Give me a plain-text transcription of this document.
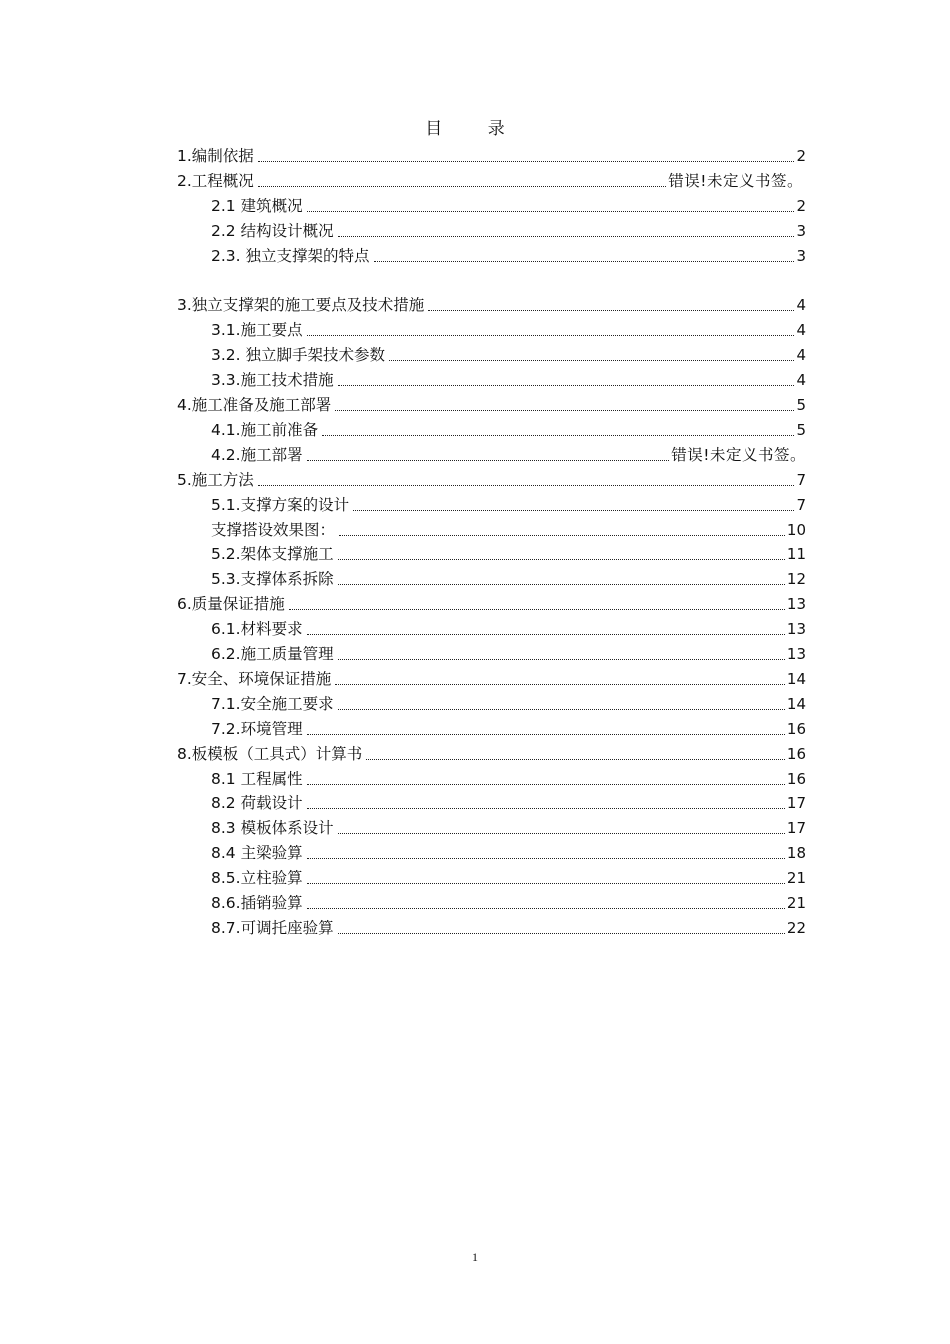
目 录
1.编制依据	2
2.工程概况	错误!未定义书签。
2.1 建筑概况	2
2.2 结构设计概况	3
2.3. 独立支撑架的特点	3
3.独立支撑架的施工要点及技术措施	4
3.1.施工要点	4
3.2. 独立脚手架技术参数	4
3.3.施工技术措施	4
4.施工准备及施工部署	5
4.1.施工前准备	5
4.2.施工部署	错误!未定义书签。
5.施工方法	7
5.1.支撑方案的设计	7
支撑搭设效果图：	10
5.2.架体支撑施工	11
5.3.支撑体系拆除	12
6.质量保证措施	13
6.1.材料要求	13
6.2.施工质量管理	13
7.安全、环境保证措施	14
7.1.安全施工要求	14
7.2.环境管理	16
8.板模板（工具式）计算书	16
8.1 工程属性	16
8.2 荷载设计	17
8.3 模板体系设计	17
8.4 主梁验算	18
8.5.立柱验算	21
8.6.插销验算	21
8.7.可调托座验算	22
1
